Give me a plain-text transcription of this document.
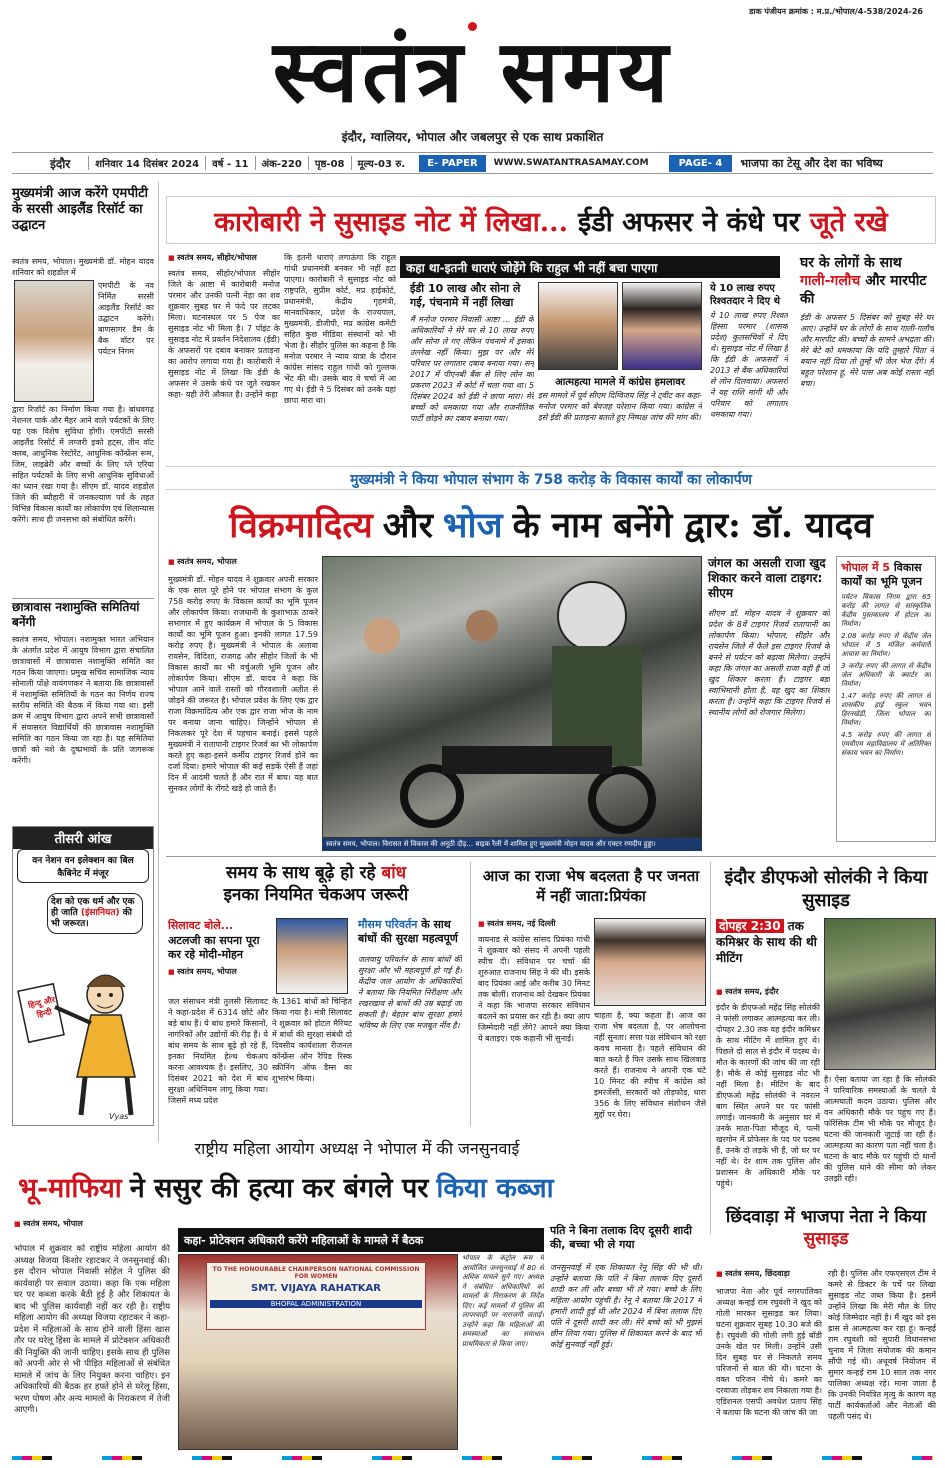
डाक पंजीयन क्रमांक : म.प्र./भोपाल/4-538/2024-26
स्वतंत्र समय
इंदौर, ग्वालियर, भोपाल और जबलपुर से एक साथ प्रकाशित
इंदौर	शनिवार 14 दिसंबर 2024	वर्ष - 11	अंक-220	पृष्ठ-08	मूल्य-03 रु.	E- PAPER	WWW.SWATANTRASAMAY.COM	PAGE- 4	भाजपा का टेसू और देश का भविष्य
मुख्यमंत्री आज करेंगे एमपीटी के सरसी आइलैंड रिसॉर्ट का उद्घाटन
स्वतंत्र समय, भोपाल। मुख्यमंत्री डॉ. मोहन यादव शनिवार को शहडोल में
एमपीटी के नव निर्मित सरसी आइलैंड रिसॉर्ट का उद्घाटन करेंगे। बाणसागर डैम के बैक वॉटर पर पर्यटन निगम
द्वारा रिजॉर्ट का निर्माण किया गया है। बांधवगढ़ नेशनल पार्क और मैहर आने वाले पर्यटकों के लिए यह एक विशेष सुविधा होगी। एमपीटी सरसी आइलैंड रिसॉर्ट में लग्जरी इको हट्स, तीन वॉट क्लब, आधुनिक रेस्टोरेंट, आधुनिक कॉन्फ्रेंस रूम, जिम, लाइब्रेरी और बच्चों के लिए प्ले एरिया सहित पर्यटकों के लिए सभी आधुनिक सुविधाओं का ध्यान रखा गया है। सीएम डॉ. यादव शहडोल जिले की ब्यौहारी में जनकल्याण पर्व के तहत विभिन्न विकास कार्यों का लोकार्पण एवं शिलान्यास करेंगे। साथ ही जनसभा को संबोधित करेंगे।
छात्रावास नशामुक्ति समितियां बनेंगी
स्वतंत्र समय, भोपाल। नशामुक्त भारत अभियान के अंतर्गत प्रदेश में आयुष विभाग द्वारा संचालित छात्रावासों में छात्रावास नशामुक्ति समिति का गठन किया जाएगा। प्रमुख सचिव सामाजिक न्याय सोनाली पोंक्षे वायंगणकर ने बताया कि छात्रावासों में नशामुक्ति समितियों के गठन का निर्णय राज्य स्तरीय समिति की बैठक में किया गया था। इसी क्रम में आयुष विभाग द्वारा अपने सभी छात्रावासों में संवासरत विद्यार्थियों की छात्रावास नशामुक्ति समिति का गठन किया जा रहा है। यह समितियां छात्रों को नशे के दुष्प्रभावों के प्रति जागरूक करेंगी।
तीसरी आंख
वन नेशन वन इलेक्शन का बिल कैबिनेट में मंजूर
देश को एक धर्म और एक ही जाति (इंसानियत) की भी जरूरत।
Vyas
हिन्दू और हिन्दी
कारोबारी ने सुसाइड नोट में लिखा... ईडी अफसर ने कंधे पर जूते रखे
■ स्वतंत्र समय, सीहोर/भोपाल
स्वतंत्र समय, सीहोर/भोपाल सीहोर जिले के आष्टा में कारोबारी मनोज परमार और उनकी पत्नी नेहा का शव शुक्रवार सुबह घर में फंदे पर लटका मिला। घटनास्थल पर 5 पेज का सुसाइड नोट भी मिला है। 7 पॉइंट के सुसाइड नोट में प्रवर्तन निदेशालय (ईडी) के अफसरों पर दबाव बनाकर प्रताड़ना का आरोप लगाया गया है। कारोबारी ने सुसाइड नोट में लिखा कि ईडी के अफसर ने उसके कंधे पर जूते रखकर कहा- यही तेरी औकात है। उन्होंने कहा
कि इतनी धाराएं लगाऊंगा कि राहुल गांधी प्रधानमंत्री बनकर भी नहीं हटा पाएगा। कारोबारी ने सुसाइड नोट को राष्ट्रपति, सुप्रीम कोर्ट, मप्र हाईकोर्ट, प्रधानमंत्री, केंद्रीय गृहमंत्री, मानवाधिकार, प्रदेश के राज्यपाल, मुख्यमंत्री, डीजीपी, मप्र कांग्रेस कमेटी सहित कुछ मीडिया संस्थानों को भी भेजा है। सीहोर पुलिस का कहना है कि मनोज परमार ने न्याय यात्रा के दौरान कांग्रेस सांसद राहुल गांधी को गुल्लक भेंट की थी। उसके बाद वे चर्चा में आ गए थे। ईडी ने 5 दिसंबर को उनके यहां छापा मारा था।
कहा था-इतनी धाराएं जोड़ेंगे कि राहुल भी नहीं बचा पाएगा
ईडी 10 लाख और सोना ले गई, पंचनामे में नहीं लिखा
मैं मनोज परमार निवासी आष्टा ... ईडी के अधिकारियों ने मेरे घर से 10 लाख रुपए और सोना ले गए लेकिन पंचनामे में इसका उल्लेख नहीं किया। मुझ पर और मेरे परिवार पर लगातार दबाव बनाया गया। सन् 2017 में पीएनबी बैंक से लिए लोन का प्रकरण 2023 में कोर्ट में चला गया था। 5 दिसंबर 2024 को ईडी ने छापा मारा। मेरे बच्चों को धमकाया गया और राजनीतिक पार्टी छोड़ने का दबाव बनाया गया।
आत्महत्या मामले में कांग्रेस हमलावर
इस मामले में पूर्व सीएम दिग्विजय सिंह ने ट्वीट कर कहा- मनोज परमार को बेवजह परेशान किया गया। कांग्रेस ने इसे ईडी की प्रताड़ना बताते हुए निष्पक्ष जांच की मांग की।
ये 10 लाख रुपए रिश्वतदार ने दिए थे
ये 10 लाख रुपए रिश्वत हिस्सा परमार (शासक प्रदेश) कुलसचिवों ने दिए थे। सुसाइड नोट में लिखा है कि ईडी के अफसरों ने 2013 से बैंक अधिकारियों से लोन दिलवाया। अफसरों ने यह राशि मांगी थी और परिवार को लगातार धमकाया गया।
घर के लोगों के साथ गाली-गलौच और मारपीट की
ईडी के अफसर 5 दिसंबर को सुबह मेरे घर आए। उन्होंने घर के लोगों के साथ गाली-गलौच और मारपीट की। बच्चों के सामने अभद्रता की। मेरे बेटे को धमकाया कि यदि तुम्हारे पिता ने बयान नहीं दिया तो तुम्हें भी जेल भेज देंगे। मैं बहुत परेशान हूं, मेरे पास अब कोई रास्ता नहीं बचा।
मुख्यमंत्री ने किया भोपाल संभाग के 758 करोड़ के विकास कार्यों का लोकार्पण
विक्रमादित्य और भोज के नाम बनेंगे द्वार: डॉ. यादव
■ स्वतंत्र समय, भोपाल
मुख्यमंत्री डॉ. मोहन यादव ने शुक्रवार अपनी सरकार के एक साल पूरे होने पर भोपाल संभाग के कुल 758 करोड़ रुपए के विकास कार्यों का भूमि पूजन और लोकार्पण किया। राजधानी के कुशाभाऊ ठाकरे सभागार में हुए कार्यक्रम में भोपाल के 5 विकास कार्यों का भूमि पूजन हुआ। इनकी लागत 17.59 करोड़ रुपए है। मुख्यमंत्री ने भोपाल के अलावा रायसेन, विदिशा, राजगढ़ और सीहोर जिलों के भी विकास कार्यों का भी वर्चुअली भूमि पूजन और लोकार्पण किया। सीएम डॉ. यादव ने कहा कि भोपाल आने वाले रास्तों को गौरवशाली अतीत से जोड़ने की जरूरत है। भोपाल प्रवेश के लिए एक द्वार राजा विक्रमादित्य और एक द्वार राजा भोज के नाम पर बनाया जाना चाहिए। जिन्होंने भोपाल से निकलकर पूरे देश में पहचान बनाई। इससे पहले मुख्यमंत्री ने रातापानी टाइगर रिजर्व का भी लोकार्पण करते हुए कहा-इसने कर्मीय टाइगर रिजर्व होने का दर्जा दिया। हमारे भोपाल की कई सड़कें ऐसी हैं जहां दिन में आदमी चलते हैं और रात में बाघ। यह बात सुनकर लोगों के रोंगटे खड़े हो जाते हैं।
स्वतंत्र समय, भोपाल। विरासत से विकास की अनूठी दौड़... बाइक रैली में शामिल हुए मुख्यमंत्री मोहन यादव और एक्टर रणदीप हुड्डा।
जंगल का असली राजा खुद शिकार करने वाला टाइगर: सीएम
सीएम डॉ. मोहन यादव ने शुक्रवार को प्रदेश के 8वें टाइगर रिजर्व रातापानी का लोकार्पण किया। भोपाल, सीहोर और रायसेन जिले में फैले इस टाइगर रिजर्व के बनने से पर्यटन को बढ़ावा मिलेगा। उन्होंने कहा कि जंगल का असली राजा वही है जो खुद शिकार करता है। टाइगर बड़ा स्वाभिमानी होता है, वह खुद का शिकार करता है। उन्होंने कहा कि टाइगर रिजर्व से स्थानीय लोगों को रोजगार मिलेगा।
भोपाल में 5 विकास कार्यों का भूमि पूजन
पर्यटन विकास निगम द्वारा 65 करोड़ की लागत से सांस्कृतिक केंद्रीय पुस्तकालय में होटल का निर्माण।
2.08 करोड़ रुपए से केंद्रीय जेल भोपाल में 5 मंजिल कर्मचारी आवास का निर्माण।
3 करोड़ रुपए की लागत से केंद्रीय जेल अधिकारी के क्वार्टर का निर्माण।
1.47 करोड़ रुपए की लागत से शासकीय हाई स्कूल भवन हिरनखेड़ी, जिला भोपाल का निर्माण।
4.5 करोड़ रुपए की लागत से एमवीएम महाविद्यालय में अतिरिक्त संकाय भवन का निर्माण।
समय के साथ बूढ़े हो रहे बांध
इनका नियमित चेकअप जरूरी
सिलावट बोले...
अटलजी का सपना पूरा कर रहे मोदी-मोहन
■ स्वतंत्र समय, भोपाल
जल संसाधन मंत्री तुलसी सिलावट ने कहा-प्रदेश में 6314 छोटे और बड़े बांध हैं। ये बांध हमारे किसानों, नागरिकों और उद्योगों की रीढ़ हैं। ये बांध समय के साथ बूढ़े हो रहे हैं, इनका नियमित हेल्थ चेकअप करना आवश्यक है। इसलिए, 30 दिसंबर 2021 को देश में बांध सुरक्षा अधिनियम लागू किया गया। जिसमें मध्य प्रदेश
के 1361 बांधों को चिन्हित किया गया है। मंत्री सिलावट ने शुक्रवार को होटल मैरियट में बांधों की सुरक्षा संबंधी दो दिवसीय कार्यशाला रीजनल कॉन्फ्रेंस ऑन रैपिड रिस्क स्क्रीनिंग ऑफ डैम्स का शुभारंभ किया।
मौसम परिवर्तन के साथ बांधों की सुरक्षा महत्वपूर्ण
जलवायु परिवर्तन के साथ बांधों की सुरक्षा और भी महत्वपूर्ण हो गई है। केंद्रीय जल आयोग के अधिकारियों ने बताया कि नियमित निरीक्षण और रखरखाव से बांधों की उम्र बढ़ाई जा सकती है। बेहतर बांध सुरक्षा हमारे भविष्य के लिए एक मजबूत नींव है।
आज का राजा भेष बदलता है पर जनता में नहीं जाता:प्रियंका
■ स्वतंत्र समय, नई दिल्ली
वायनाड से कांग्रेस सांसद प्रियंका गांधी ने शुक्रवार को संसद में अपनी पहली स्पीच दी। संविधान पर चर्चा की शुरुआत राजनाथ सिंह ने की थी। इसके बाद प्रियंका आई और करीब 30 मिनट तक बोलीं। राजनाथ को देखकर प्रियंका ने कहा कि भाजपा सरकार संविधान बदलने का प्रयास कर रही है। क्या आप जिम्मेदारी नहीं लेंगे? आपने क्या किया ये बताइए। एक कहानी भी सुनाई।
चाहता है, क्या कहता है। आज का राजा भेष बदलता है, पर आलोचना नहीं सुनता। सत्ता पक्ष संविधान को रक्षा कवच मानता है। पहले संविधान की बात करते हैं फिर उसके साथ खिलवाड़ करते हैं। राजनाथ ने अपनी एक घंटे 10 मिनट की स्पीच में कांग्रेस को इमरजेंसी, सरकारों को तोड़फोड़, धारा 356 के लिए संविधान संशोधन जैसे मुद्दों पर घेरा।
इंदौर डीएफओ सोलंकी ने किया सुसाइड
दोपहर 2:30 तक कमिश्नर के साथ की थी मीटिंग
■ स्वतंत्र समय, इंदौर
इंदौर के डीएफओ महेंद्र सिंह सोलंकी ने फांसी लगाकर आत्महत्या कर ली। दोपहर 2.30 तक वह इंदौर कमिश्नर के साथ मीटिंग में शामिल हुए थे। पिछले दो साल से इंदौर में पदस्थ थे। मौत के कारणों की जांच की जा रही है। मौके से कोई सुसाइड नोट भी नहीं मिला है। मीटिंग के बाद डीएफओ महेंद्र सोलंकी ने नवरत्न बाग स्थित अपने घर पर फांसी लगाई। जानकारी के अनुसार घर में उनके माता-पिता मौजूद थे, पत्नी खरगोन में प्रोफेसर के पद पर पदस्थ हैं, उनके दो लड़के भी हैं, जो घर पर नहीं थे। देर शाम तक पुलिस और प्रशासन के अधिकारी मौके पर पहुंचे।
है। ऐसा बताया जा रहा है कि सोलंकी ने पारिवारिक समस्याओं के चलते ये आत्मघाती कदम उठाया। पुलिस और वन अधिकारी मौके पर पहुंच गए हैं। फॉरेंसिक टीम भी मौके पर मौजूद है। घटना की जानकारी जुटाई जा रही है। आत्महत्या का कारण पता नहीं चला है। घटना के बाद मौके पर पहुंची दो थानों की पुलिस थाने की सीमा को लेकर उलझी रही।
राष्ट्रीय महिला आयोग अध्यक्ष ने भोपाल में की जनसुनवाई
भू-माफिया ने ससुर की हत्या कर बंगले पर किया कब्जा
■ स्वतंत्र समय, भोपाल
भोपाल में शुक्रवार को राष्ट्रीय महिला आयोग की अध्यक्ष विजया किशोर रहाटकर ने जनसुनवाई की। इस दौरान भोपाल निवासी सोहेल ने पुलिस की कार्यवाही पर सवाल उठाया। कहा कि एक महिला घर पर कब्जा करके बैठी हुई है और शिकायत के बाद भी पुलिस कार्यवाही नहीं कर रही है। राष्ट्रीय महिला आयोग की अध्यक्ष विजया रहाटकर ने कहा-प्रदेश में महिलाओं के साथ होने वाली हिंसा खास तौर पर घरेलू हिंसा के मामले में प्रोटेक्शन अधिकारी की नियुक्ति की जानी चाहिए। इसके साथ ही पुलिस को अपनी ओर से भी पीड़ित महिलाओं से संबंधित मामले में जांच के लिए नियुक्त करना चाहिए। इन अधिकारियों की बैठक हर हफ्ते होने से घरेलू हिंसा, भरण पोषण और अन्य मामलों के निराकरण में तेजी आएगी।
कहा- प्रोटेक्शन अधिकारी करेंगे महिलाओं के मामले में बैठक
TO THE HONOURABLE CHAIRPERSON NATIONAL COMMISSION FOR WOMEN
SMT. VIJAYA RAHATKAR
BHOPAL ADMINISTRATION
भोपाल के कंट्रोल रूम में आयोजित जनसुनवाई में 80 से अधिक मामले सुने गए। अध्यक्ष ने संबंधित अधिकारियों को मामलों के निराकरण के निर्देश दिए। कई मामलों में पुलिस की लापरवाही पर नाराजगी जताई। उन्होंने कहा कि महिलाओं की समस्याओं का समाधान प्राथमिकता से किया जाए।
पति ने बिना तलाक दिए दूसरी शादी की, बच्चा भी ले गया
जनसुनवाई में एक शिकायत रेनू सिंह की भी थी। उन्होंने बताया कि पति ने बिना तलाक दिए दूसरी शादी कर ली और बच्चा भी ले गया। बच्चे के लिए महिला आयोग पहुंची है। रेनू ने बताया कि 2017 में हमारी शादी हुई थी और 2024 में बिना तलाक दिए पति ने दूसरी शादी कर ली। मेरे बच्चे को भी मुझसे छीन लिया गया। पुलिस में शिकायत करने के बाद भी कोई सुनवाई नहीं हुई।
छिंदवाड़ा में भाजपा नेता ने किया सुसाइड
■ स्वतंत्र समय, छिंदवाड़ा
भाजपा नेता और पूर्व नगरपालिका अध्यक्ष कन्हई राम रघुवंशी ने खुद को गोली मारकर सुसाइड कर लिया। घटना शुक्रवार सुबह 10.30 बजे की है। रघुवंशी की गोली लगी हुई बॉडी उनके खेत पर मिली। उन्होंने उसी दिन सुबह घर से निकलते समय परिजनों से बात की थी। घटना के वक्त परिजन नीचे थे। कमरे का दरवाजा तोड़कर शव निकाला गया है। एडिशनल एसपी अवधेश प्रताप सिंह ने बताया कि घटना की जांच की जा
रही है। पुलिस और एफएसएल टीम ने कमरे से डिक्टर के पर्चे पर लिखा सुसाइड नोट जब्त किया है। इसमें उन्होंने लिखा कि मेरी मौत के लिए कोई जिम्मेदार नहीं है। मैं खुद को इस ह्रास से आत्महत्या कर रहा हूं। कन्हई राम रघुवंशी को सुपारी विधानसभा चुनाव में जिला संयोजक की कमान सौंपी गई थी। अधूवर्ष नियोजन में सुमार कन्हई राम 10 साल तक नगर पालिका अध्यक्ष रहे। माना जाता है कि उनकी नियंत्रित मृत्यु के कारण वह पार्टी कार्यकर्ताओं और नेताओं की पहली पसंद थे।
